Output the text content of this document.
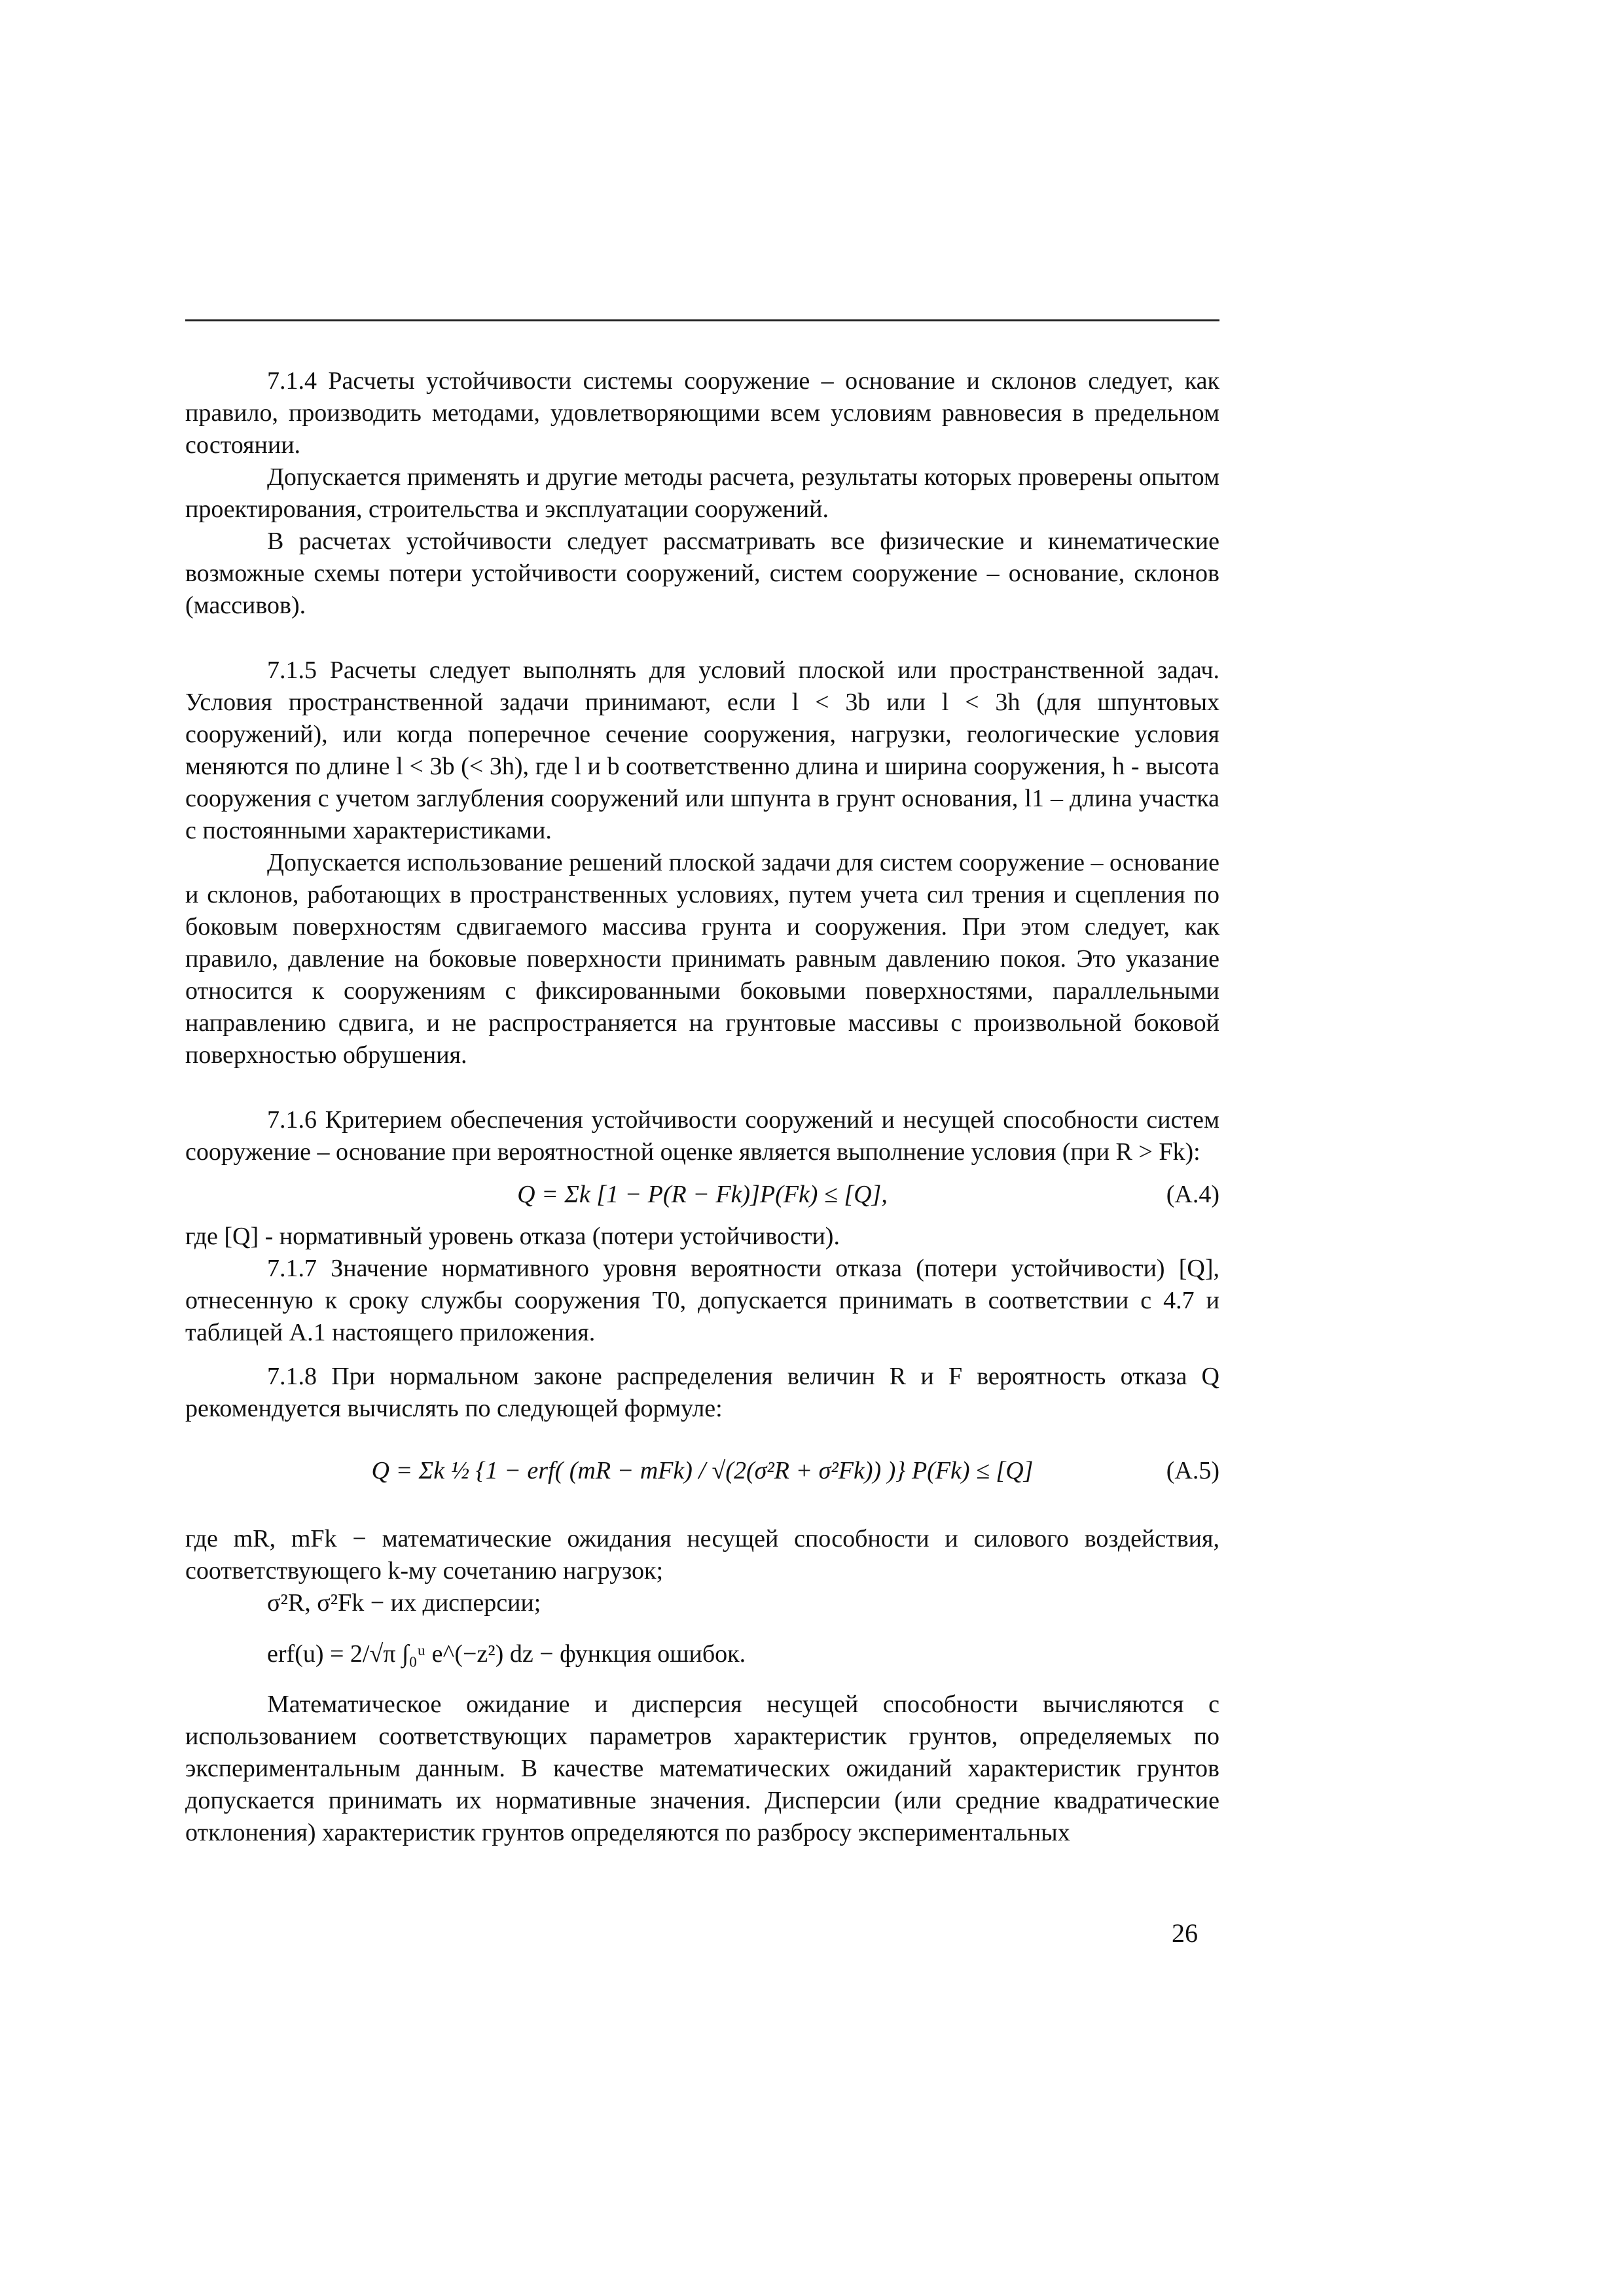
7.1.4 Расчеты устойчивости системы сооружение – основание и склонов следует, как правило, производить методами, удовлетворяющими всем условиям равновесия в предельном состоянии.

Допускается применять и другие методы расчета, результаты которых проверены опытом проектирования, строительства и эксплуатации сооружений.

В расчетах устойчивости следует рассматривать все физические и кинематические возможные схемы потери устойчивости сооружений, систем сооружение – основание, склонов (массивов).

7.1.5 Расчеты следует выполнять для условий плоской или пространственной задач. Условия пространственной задачи принимают, если l < 3b или l < 3h (для шпунтовых сооружений), или когда поперечное сечение сооружения, нагрузки, геологические условия меняются по длине l < 3b (< 3h), где l и b соответственно длина и ширина сооружения, h - высота сооружения с учетом заглубления сооружений или шпунта в грунт основания, l1 – длина участка с постоянными характеристиками.

Допускается использование решений плоской задачи для систем сооружение – основание и склонов, работающих в пространственных условиях, путем учета сил трения и сцепления по боковым поверхностям сдвигаемого массива грунта и сооружения. При этом следует, как правило, давление на боковые поверхности принимать равным давлению покоя. Это указание относится к сооружениям с фиксированными боковыми поверхностями, параллельными направлению сдвига, и не распространяется на грунтовые массивы с произвольной боковой поверхностью обрушения.

7.1.6 Критерием обеспечения устойчивости сооружений и несущей способности систем сооружение – основание при вероятностной оценке является выполнение условия (при R > Fk):

Q = Σk [1 − P(R − Fk)]P(Fk) ≤ [Q],	(А.4)

где [Q] - нормативный уровень отказа (потери устойчивости).

7.1.7 Значение нормативного уровня вероятности отказа (потери устойчивости) [Q], отнесенную к сроку службы сооружения T0, допускается принимать в соответствии с 4.7 и таблицей А.1 настоящего приложения.

7.1.8 При нормальном законе распределения величин R и F вероятность отказа Q рекомендуется вычислять по следующей формуле:

Q = Σk ½ {1 − erf( (mR − mFk) / √(2(σ²R + σ²Fk)) )} P(Fk) ≤ [Q]	(А.5)

где mR, mFk − математические ожидания несущей способности и силового воздействия, соответствующего k-му сочетанию нагрузок;

σ²R, σ²Fk − их дисперсии;

erf(u) = 2/√π ∫₀ᵘ e^(−z²) dz − функция ошибок.

Математическое ожидание и дисперсия несущей способности вычисляются с использованием соответствующих параметров характеристик грунтов, определяемых по экспериментальным данным. В качестве математических ожиданий характеристик грунтов допускается принимать их нормативные значения. Дисперсии (или средние квадратические отклонения) характеристик грунтов определяются по разбросу экспериментальных

26
